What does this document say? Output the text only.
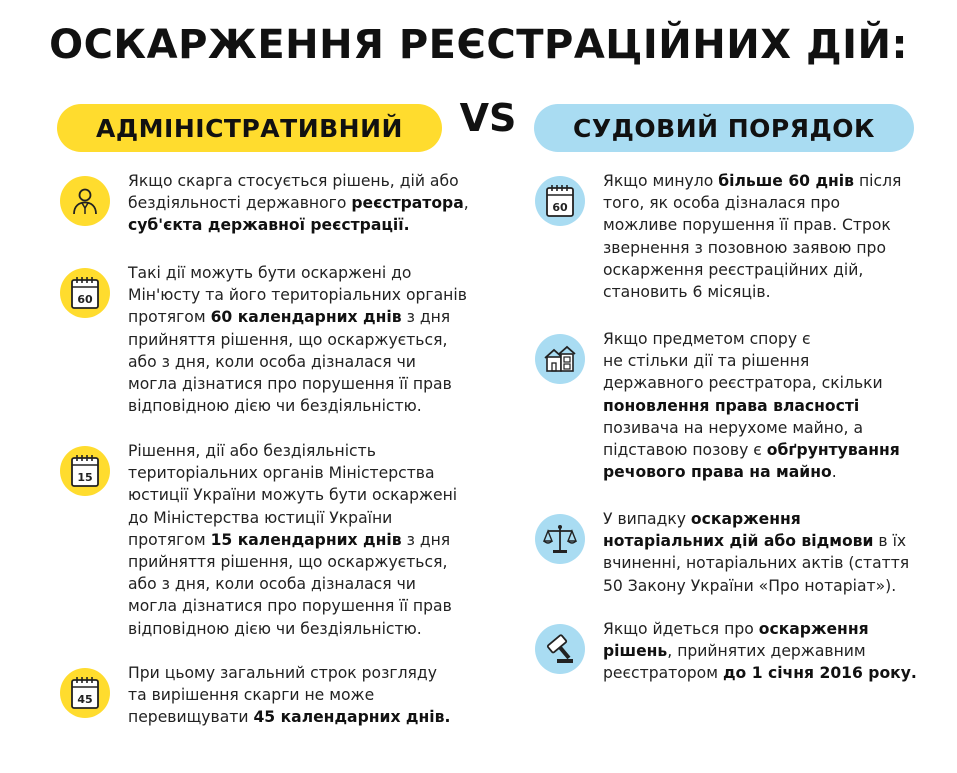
ОСКАРЖЕННЯ РЕЄСТРАЦІЙНИХ ДІЙ:
АДМІНІСТРАТИВНИЙ	VS	СУДОВИЙ ПОРЯДОК
Якщо скарга стосується рішень, дій або
бездіяльності державного реєстратора,
суб'єкта державної реєстрації.
60
Такі дії можуть бути оскаржені до
Мін'юсту та його територіальних органів
протягом 60 календарних днів з дня
прийняття рішення, що оскаржується,
або з дня, коли особа дізналася чи
могла дізнатися про порушення її прав
відповідною дією чи бездіяльністю.
15
Рішення, дії або бездіяльність
територіальних органів Міністерства
юстиції України можуть бути оскаржені
до Міністерства юстиції України
протягом 15 календарних днів з дня
прийняття рішення, що оскаржується,
або з дня, коли особа дізналася чи
могла дізнатися про порушення її прав
відповідною дією чи бездіяльністю.
45
При цьому загальний строк розгляду
та вирішення скарги не може
перевищувати 45 календарних днів.
60
Якщо минуло більше 60 днів після
того, як особа дізналася про
можливе порушення її прав. Строк
звернення з позовною заявою про
оскарження реєстраційних дій,
становить 6 місяців.
Якщо предметом спору є
не стільки дії та рішення
державного реєстратора, скільки
поновлення права власності
позивача на нерухоме майно, а
підставою позову є обґрунтування
речового права на майно.
У випадку оскарження
нотаріальних дій або відмови в їх
вчиненні, нотаріальних актів (стаття
50 Закону України «Про нотаріат»).
Якщо йдеться про оскарження
рішень, прийнятих державним
реєстратором до 1 січня 2016 року.
